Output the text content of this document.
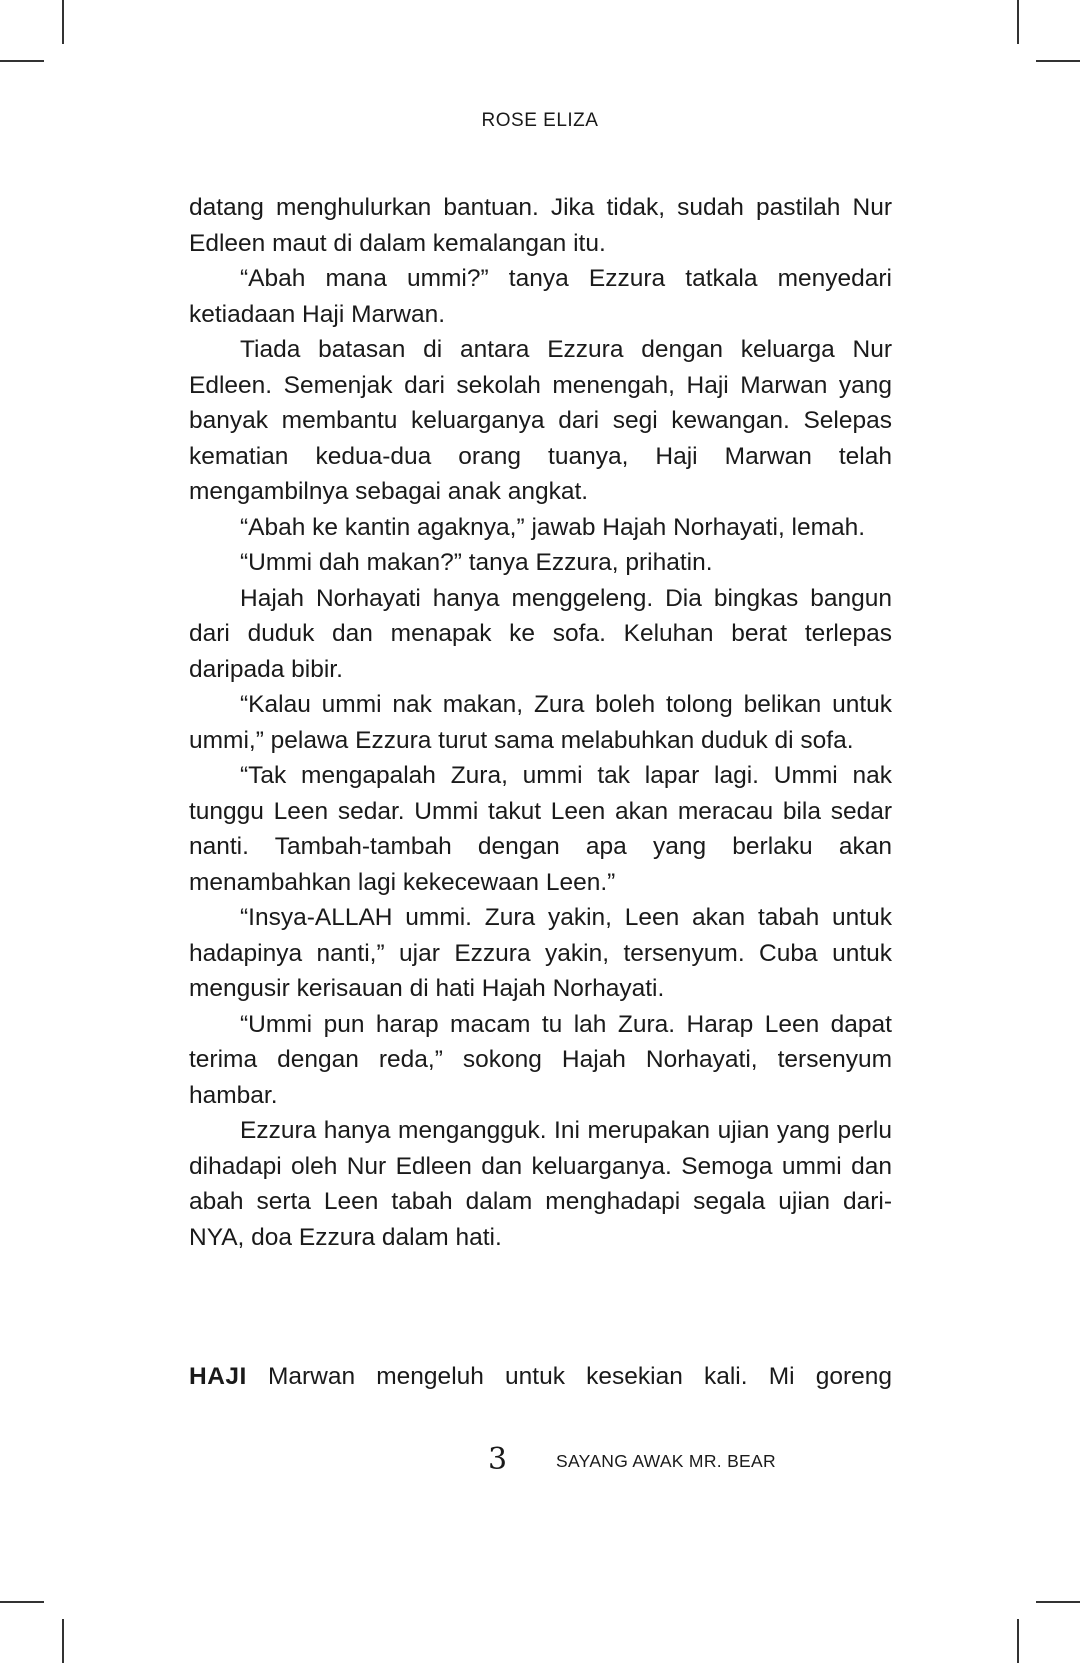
ROSE ELIZA

datang menghulurkan bantuan. Jika tidak, sudah pastilah Nur Edleen maut di dalam kemalangan itu.

“Abah mana ummi?” tanya Ezzura tatkala menyedari ketiadaan Haji Marwan.

Tiada batasan di antara Ezzura dengan keluarga Nur Edleen. Semenjak dari sekolah menengah, Haji Marwan yang banyak membantu keluarganya dari segi kewangan. Selepas kematian kedua-dua orang tuanya, Haji Marwan telah mengambilnya sebagai anak angkat.

“Abah ke kantin agaknya,” jawab Hajah Norhayati, lemah.

“Ummi dah makan?” tanya Ezzura, prihatin.

Hajah Norhayati hanya menggeleng. Dia bingkas bangun dari duduk dan menapak ke sofa. Keluhan berat terlepas daripada bibir.

“Kalau ummi nak makan, Zura boleh tolong belikan untuk ummi,” pelawa Ezzura turut sama melabuhkan duduk di sofa.

“Tak mengapalah Zura, ummi tak lapar lagi. Ummi nak tunggu Leen sedar. Ummi takut Leen akan meracau bila sedar nanti. Tambah-tambah dengan apa yang berlaku akan menambahkan lagi kekecewaan Leen.”

“Insya-ALLAH ummi. Zura yakin, Leen akan tabah untuk hadapinya nanti,” ujar Ezzura yakin, tersenyum. Cuba untuk mengusir kerisauan di hati Hajah Norhayati.

“Ummi pun harap macam tu lah Zura. Harap Leen dapat terima dengan reda,” sokong Hajah Norhayati, tersenyum hambar.

Ezzura hanya mengangguk. Ini merupakan ujian yang perlu dihadapi oleh Nur Edleen dan keluarganya. Semoga ummi dan abah serta Leen tabah dalam menghadapi segala ujian dari-NYA, doa Ezzura dalam hati.

HAJI Marwan mengeluh untuk kesekian kali. Mi goreng

3	SAYANG AWAK MR. BEAR
